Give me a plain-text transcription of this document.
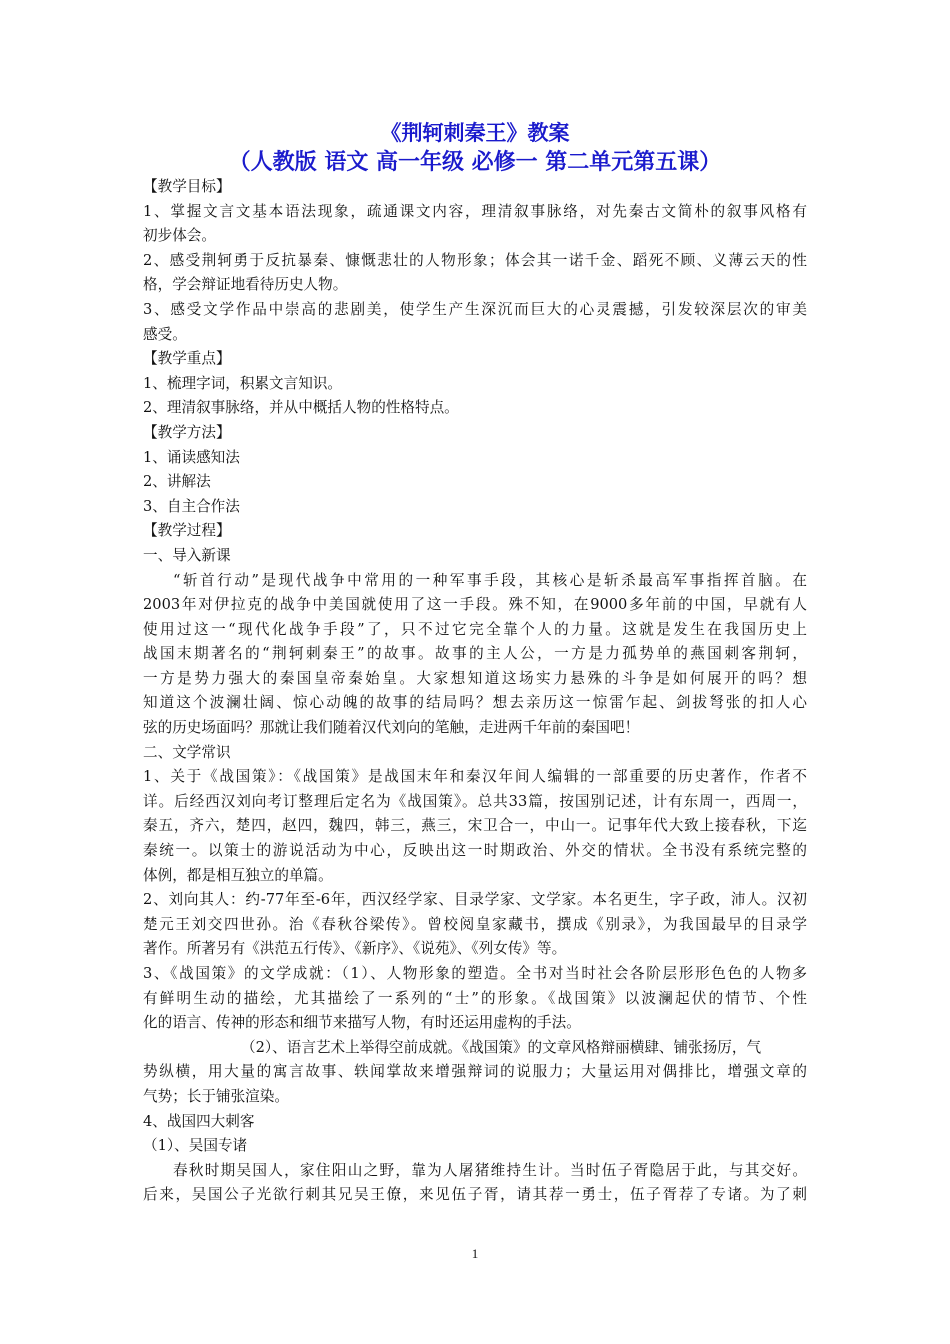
《荆轲刺秦王》教案
（人教版 语文 高一年级 必修一 第二单元第五课）
【教学目标】
1、掌握文言文基本语法现象，疏通课文内容，理清叙事脉络，对先秦古文简朴的叙事风格有
初步体会。
2、感受荆轲勇于反抗暴秦、慷慨悲壮的人物形象；体会其一诺千金、蹈死不顾、义薄云天的性
格，学会辩证地看待历史人物。
3、感受文学作品中崇高的悲剧美，使学生产生深沉而巨大的心灵震撼，引发较深层次的审美
感受。
【教学重点】
1、梳理字词，积累文言知识。
2、理清叙事脉络，并从中概括人物的性格特点。
【教学方法】
1、诵读感知法
2、讲解法
3、自主合作法
【教学过程】
一、导入新课
“斩首行动”是现代战争中常用的一种军事手段，其核心是斩杀最高军事指挥首脑。在
2003年对伊拉克的战争中美国就使用了这一手段。殊不知，在9000多年前的中国，早就有人
使用过这一“现代化战争手段”了，只不过它完全靠个人的力量。这就是发生在我国历史上
战国末期著名的“荆轲刺秦王”的故事。故事的主人公，一方是力孤势单的燕国刺客荆轲，
一方是势力强大的秦国皇帝秦始皇。大家想知道这场实力悬殊的斗争是如何展开的吗？想
知道这个波澜壮阔、惊心动魄的故事的结局吗？想去亲历这一惊雷乍起、剑拔弩张的扣人心
弦的历史场面吗？那就让我们随着汉代刘向的笔触，走进两千年前的秦国吧！
二、文学常识
1、关于《战国策》：《战国策》是战国末年和秦汉年间人编辑的一部重要的历史著作，作者不
详。后经西汉刘向考订整理后定名为《战国策》。总共33篇，按国别记述，计有东周一，西周一，
秦五，齐六，楚四，赵四，魏四，韩三，燕三，宋卫合一，中山一。记事年代大致上接春秋，下迄
秦统一。以策士的游说活动为中心，反映出这一时期政治、外交的情状。全书没有系统完整的
体例，都是相互独立的单篇。
2、刘向其人：约-77年至-6年，西汉经学家、目录学家、文学家。本名更生，字子政，沛人。汉初
楚元王刘交四世孙。治《春秋谷梁传》。曾校阅皇家藏书，撰成《别录》，为我国最早的目录学
著作。所著另有《洪范五行传》、《新序》、《说苑》、《列女传》等。
3、《战国策》的文学成就：（1）、人物形象的塑造。全书对当时社会各阶层形形色色的人物多
有鲜明生动的描绘，尤其描绘了一系列的“士”的形象。《战国策》以波澜起伏的情节、个性
化的语言、传神的形态和细节来描写人物，有时还运用虚构的手法。
（2）、语言艺术上举得空前成就。《战国策》的文章风格辩丽横肆、铺张扬厉，气
势纵横，用大量的寓言故事、轶闻掌故来增强辩词的说服力；大量运用对偶排比，增强文章的
气势；长于铺张渲染。
4、战国四大刺客
（1）、吴国专诸
春秋时期吴国人，家住阳山之野，靠为人屠猪维持生计。当时伍子胥隐居于此，与其交好。
后来，吴国公子光欲行刺其兄吴王僚，来见伍子胥，请其荐一勇士，伍子胥荐了专诸。为了刺
1
